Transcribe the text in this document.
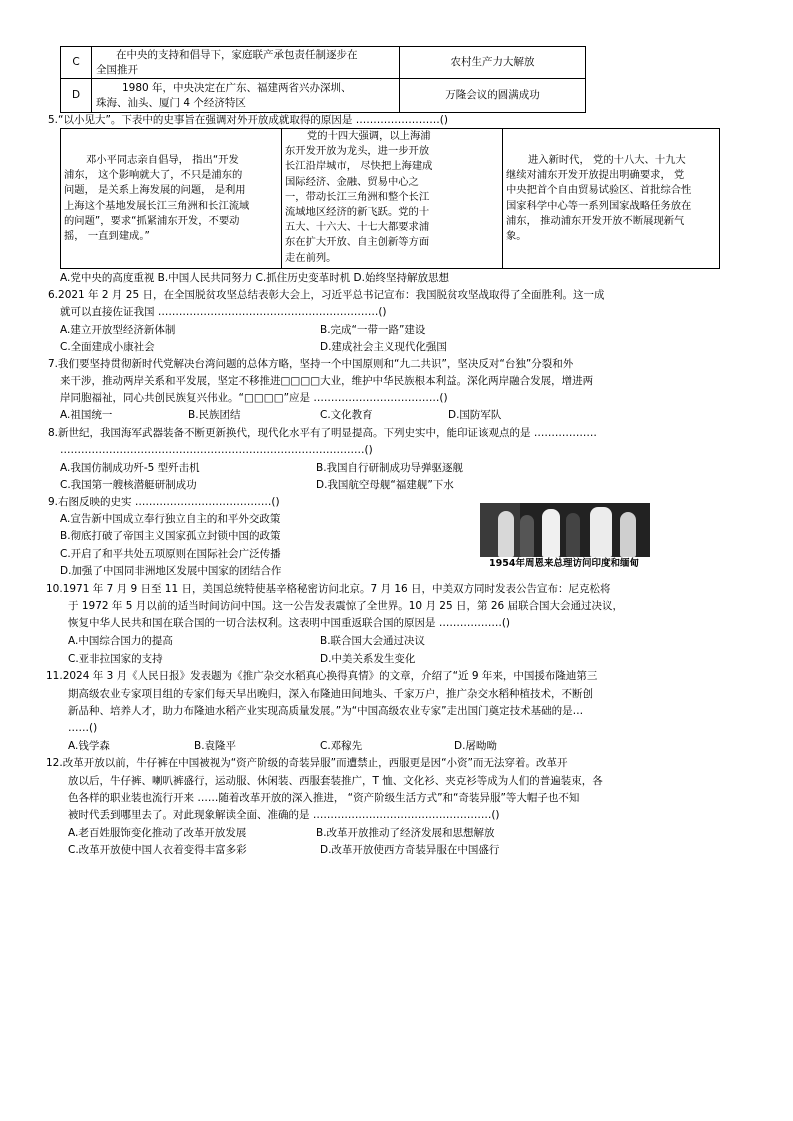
C	在中央的支持和倡导下，家庭联产承包责任制逐步在
全国推开	农村生产力大解放
D	1980 年，中央决定在广东、福建两省兴办深圳、
珠海、汕头、厦门 4 个经济特区	万隆会议的圆满成功
5.“以小见大”。下表中的史事旨在强调对外开放成就取得的原因是 ……………………()
邓小平同志亲自倡导， 指出“开发
浦东， 这个影响就大了，不只是浦东的
问题， 是关系上海发展的问题， 是利用
上海这个基地发展长江三角洲和长江流域
的问题”，要求“抓紧浦东开发，不要动
摇， 一直到建成。”
党的十四大强调，以上海浦
东开发开放为龙头，进一步开放
长江沿岸城市， 尽快把上海建成
国际经济、金融、贸易中心之
一，带动长江三角洲和整个长江
流域地区经济的新飞跃。党的十
五大、十六大、十七大都要求浦
东在扩大开放、自主创新等方面
走在前列。
进入新时代， 党的十八大、十九大
继续对浦东开发开放提出明确要求， 党
中央把首个自由贸易试验区、首批综合性
国家科学中心等一系列国家战略任务放在
浦东， 推动浦东开发开放不断展现新气
象。
A.党中央的高度重视 B.中国人民共同努力 C.抓住历史变革时机 D.始终坚持解放思想
6.2021 年 2 月 25 日，在全国脱贫攻坚总结表彰大会上，习近平总书记宣布：我国脱贫攻坚战取得了全面胜利。这一成
就可以直接佐证我国 ………………………………………………………()
A.建立开放型经济新体制	B.完成“一带一路”建设
C.全面建成小康社会	D.建成社会主义现代化强国
7.我们要坚持贯彻新时代党解决台湾问题的总体方略，坚持一个中国原则和“九二共识”，坚决反对“台独”分裂和外
来干涉，推动两岸关系和平发展，坚定不移推进□□□□大业，维护中华民族根本利益。深化两岸融合发展，增进两
岸同胞福祉，同心共创民族复兴伟业。“□□□□”应是 ………………………………()
A.祖国统一	B.民族团结	C.文化教育	D.国防军队
8.新世纪，我国海军武器装备不断更新换代，现代化水平有了明显提高。下列史实中，能印证该观点的是 ………………
……………………………………………………………………………()
A.我国仿制成功歼-5 型歼击机	B.我国自行研制成功导弹驱逐舰
C.我国第一艘核潜艇研制成功	D.我国航空母舰“福建舰”下水
9.右图反映的史实 …………………………………()
A.宣告新中国成立奉行独立自主的和平外交政策
B.彻底打破了帝国主义国家孤立封锁中国的政策
C.开启了和平共处五项原则在国际社会广泛传播
D.加强了中国同非洲地区发展中国家的团结合作
1954年周恩来总理访问印度和缅甸
10.1971 年 7 月 9 日至 11 日，美国总统特使基辛格秘密访问北京。7 月 16 日，中美双方同时发表公告宣布：尼克松将
于 1972 年 5 月以前的适当时间访问中国。这一公告发表震惊了全世界。10 月 25 日，第 26 届联合国大会通过决议，
恢复中华人民共和国在联合国的一切合法权利。这表明中国重返联合国的原因是 ………………()
A.中国综合国力的提高	B.联合国大会通过决议
C.亚非拉国家的支持	D.中美关系发生变化
11.2024 年 3 月《人民日报》发表题为《推广杂交水稻真心换得真情》的文章，介绍了“近 9 年来，中国援布隆迪第三
期高级农业专家项目组的专家们每天早出晚归，深入布隆迪田间地头、千家万户，推广杂交水稻种植技术，不断创
新品种、培养人才，助力布隆迪水稻产业实现高质量发展。”为“中国高级农业专家”走出国门奠定技术基础的是…
……()
A.钱学森	B.袁隆平	C.邓稼先	D.屠呦呦
12.改革开放以前，牛仔裤在中国被视为“资产阶级的奇装异服”而遭禁止，西服更是因“小资”而无法穿着。改革开
放以后，牛仔裤、喇叭裤盛行，运动服、休闲装、西服套装推广，T 恤、文化衫、夹克衫等成为人们的普遍装束，各
色各样的职业装也流行开来 ……随着改革开放的深入推进， “资产阶级生活方式”和“奇装异服”等大帽子也不知
被时代丢到哪里去了。对此现象解读全面、准确的是 ……………………………………………()
A.老百姓服饰变化推动了改革开放发展	B.改革开放推动了经济发展和思想解放
C.改革开放使中国人衣着变得丰富多彩	D.改革开放使西方奇装异服在中国盛行
